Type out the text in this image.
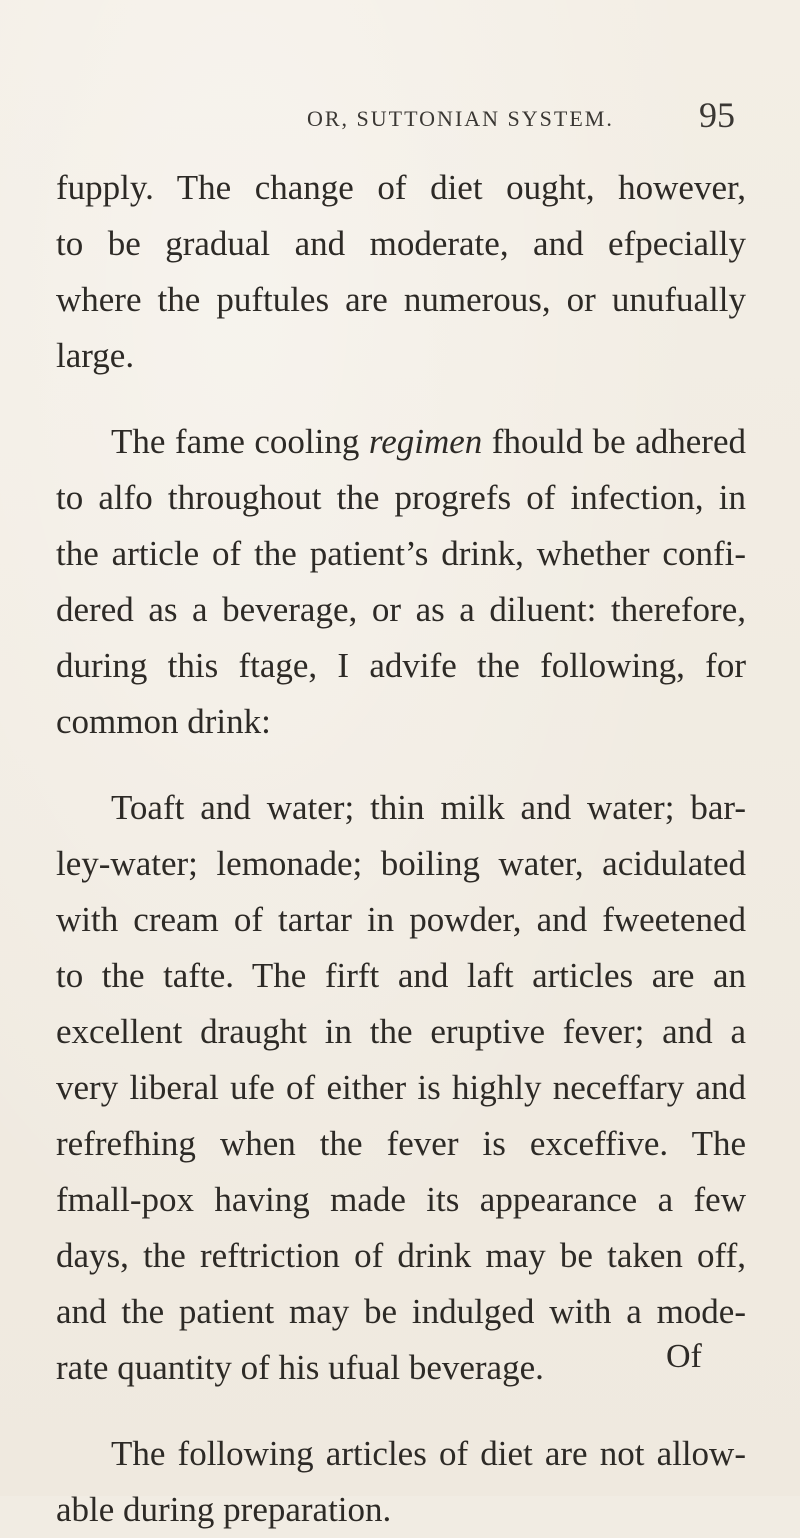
OR, SUTTONIAN SYSTEM. 95
fupply. The change of diet ought, however,
to be gradual and moderate, and efpecially
where the puftules are numerous, or unufually
large.
The fame cooling regimen fhould be adhered
to alfo throughout the progrefs of infection, in
the article of the patient’s drink, whether confi-
dered as a beverage, or as a diluent: therefore,
during this ftage, I advife the following, for
common drink:
Toaft and water; thin milk and water; bar-
ley-water; lemonade; boiling water, acidulated
with cream of tartar in powder, and fweetened
to the tafte. The firft and laft articles are an
excellent draught in the eruptive fever; and a
very liberal ufe of either is highly neceffary and
refrefhing when the fever is exceffive. The
fmall-pox having made its appearance a few
days, the reftriction of drink may be taken off,
and the patient may be indulged with a mode-
rate quantity of his ufual beverage.
The following articles of diet are not allow-
able during preparation.
Of
